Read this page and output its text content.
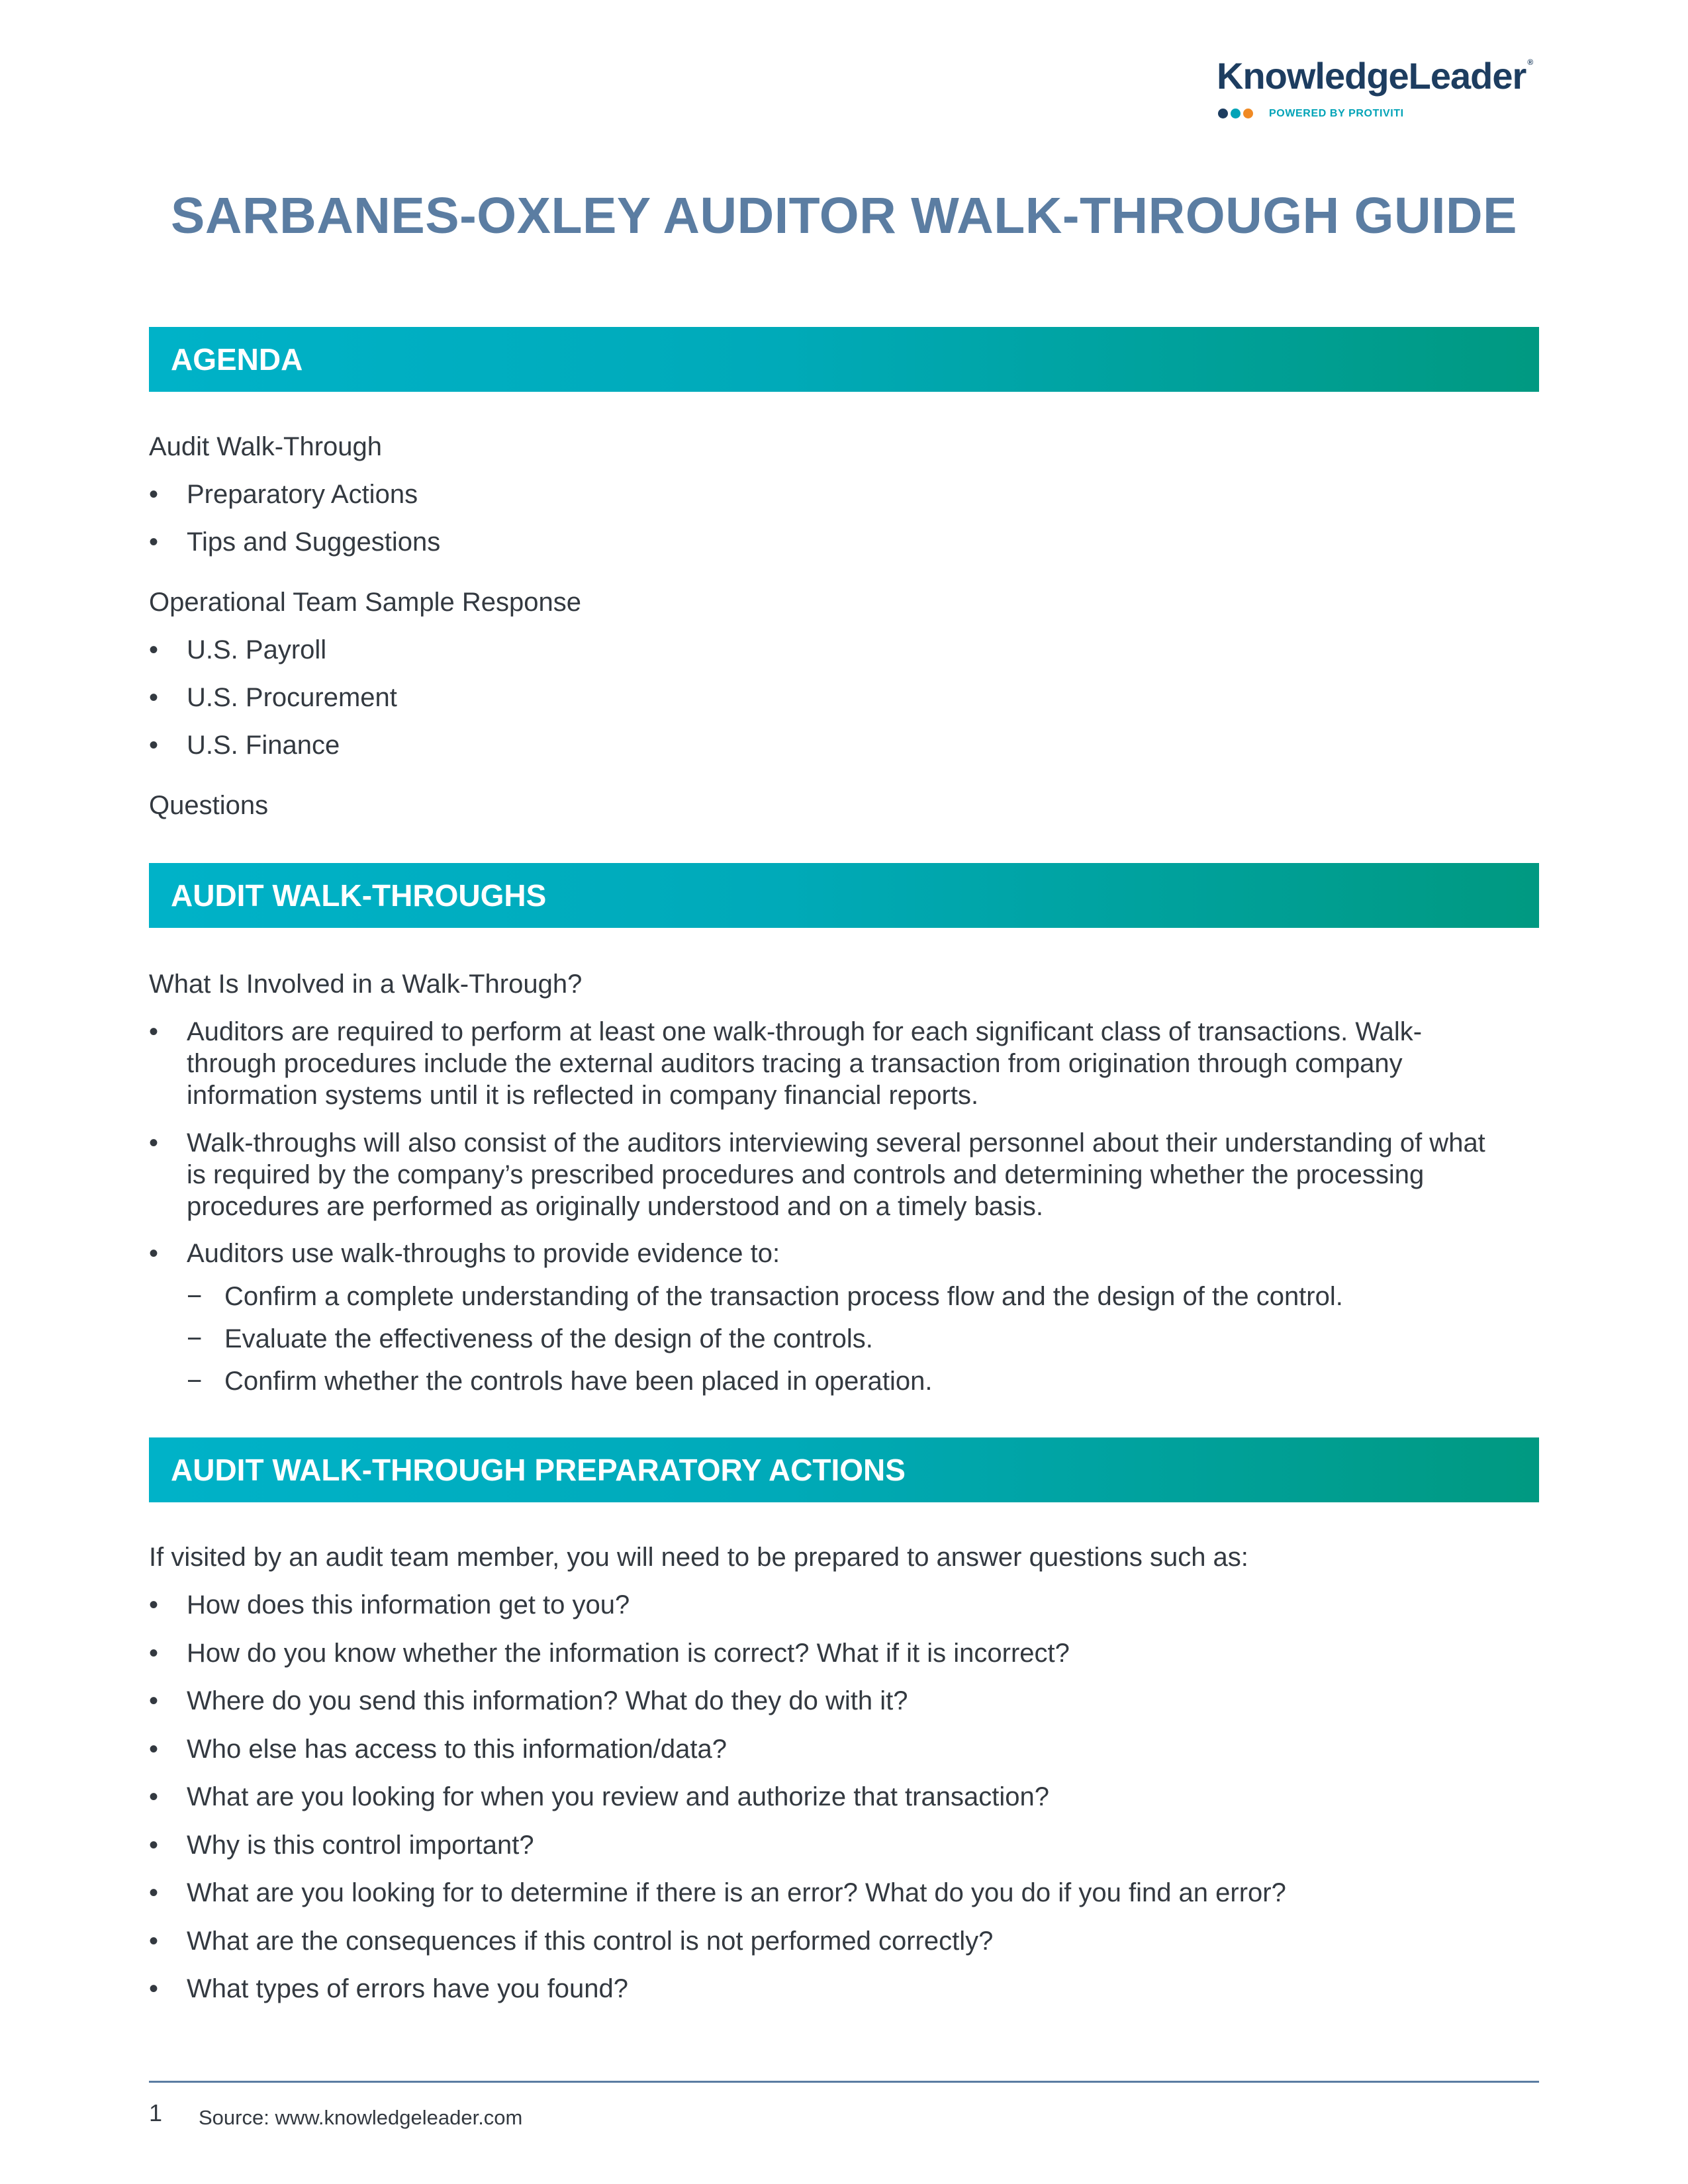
KnowledgeLeader ®
POWERED BY PROTIVITI
SARBANES-OXLEY AUDITOR WALK-THROUGH GUIDE
AGENDA
Audit Walk-Through
•	Preparatory Actions
•	Tips and Suggestions
Operational Team Sample Response
•	U.S. Payroll
•	U.S. Procurement
•	U.S. Finance
Questions
AUDIT WALK-THROUGHS
What Is Involved in a Walk-Through?
•	Auditors are required to perform at least one walk-through for each significant class of transactions. Walk-through procedures include the external auditors tracing a transaction from origination through company information systems until it is reflected in company financial reports.
•	Walk-throughs will also consist of the auditors interviewing several personnel about their understanding of what is required by the company’s prescribed procedures and controls and determining whether the processing procedures are performed as originally understood and on a timely basis.
•	Auditors use walk-throughs to provide evidence to:
− Confirm a complete understanding of the transaction process flow and the design of the control.
− Evaluate the effectiveness of the design of the controls.
− Confirm whether the controls have been placed in operation.
AUDIT WALK-THROUGH PREPARATORY ACTIONS
If visited by an audit team member, you will need to be prepared to answer questions such as:
•	How does this information get to you?
•	How do you know whether the information is correct? What if it is incorrect?
•	Where do you send this information? What do they do with it?
•	Who else has access to this information/data?
•	What are you looking for when you review and authorize that transaction?
•	Why is this control important?
•	What are you looking for to determine if there is an error? What do you do if you find an error?
•	What are the consequences if this control is not performed correctly?
•	What types of errors have you found?
1 Source: www.knowledgeleader.com
